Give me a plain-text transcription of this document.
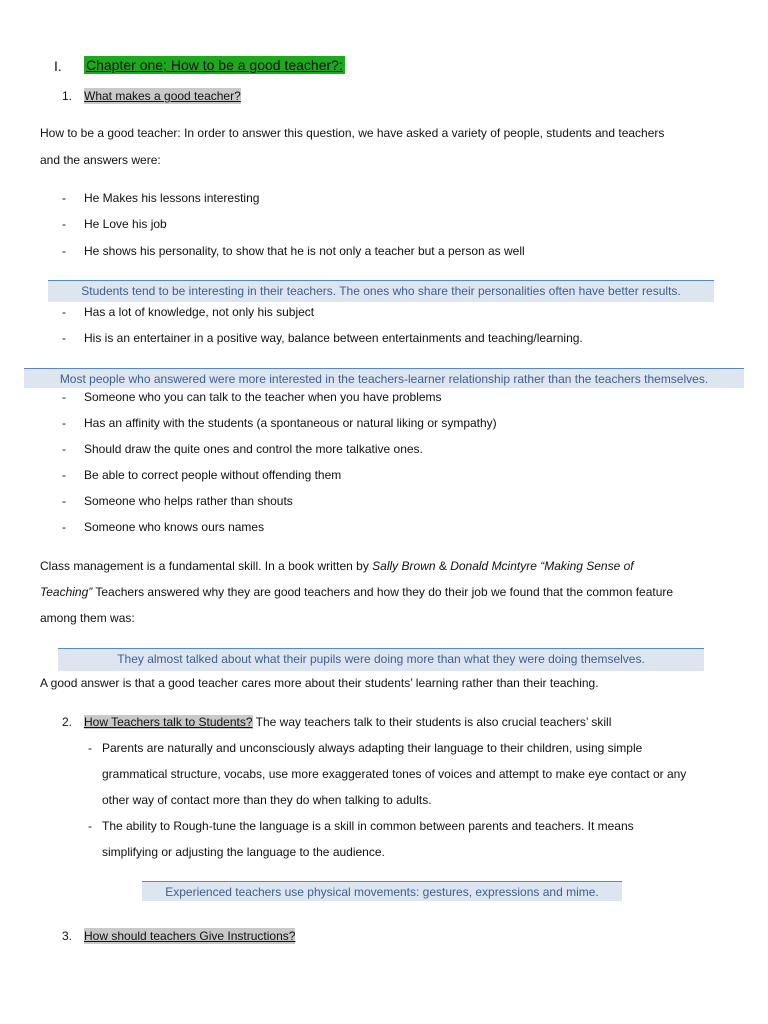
I. Chapter one; How to be a good teacher?:
1. What makes a good teacher?
How to be a good teacher: In order to answer this question, we have asked a variety of people, students and teachers
and the answers were:
- He Makes his lessons interesting
- He Love his job
- He shows his personality, to show that he is not only a teacher but a person as well
Students tend to be interesting in their teachers. The ones who share their personalities often have better results.
- Has a lot of knowledge, not only his subject
- His is an entertainer in a positive way, balance between entertainments and teaching/learning.
Most people who answered were more interested in the teachers-learner relationship rather than the teachers themselves.
- Someone who you can talk to the teacher when you have problems
- Has an affinity with the students (a spontaneous or natural liking or sympathy)
- Should draw the quite ones and control the more talkative ones.
- Be able to correct people without offending them
- Someone who helps rather than shouts
- Someone who knows ours names
Class management is a fundamental skill. In a book written by Sally Brown & Donald Mcintyre “Making Sense of
Teaching” Teachers answered why they are good teachers and how they do their job we found that the common feature
among them was:
They almost talked about what their pupils were doing more than what they were doing themselves.
A good answer is that a good teacher cares more about their students’ learning rather than their teaching.
2. How Teachers talk to Students? The way teachers talk to their students is also crucial teachers’ skill
- Parents are naturally and unconsciously always adapting their language to their children, using simple
grammatical structure, vocabs, use more exaggerated tones of voices and attempt to make eye contact or any
other way of contact more than they do when talking to adults.
- The ability to Rough-tune the language is a skill in common between parents and teachers. It means
simplifying or adjusting the language to the audience.
Experienced teachers use physical movements: gestures, expressions and mime.
3. How should teachers Give Instructions?
